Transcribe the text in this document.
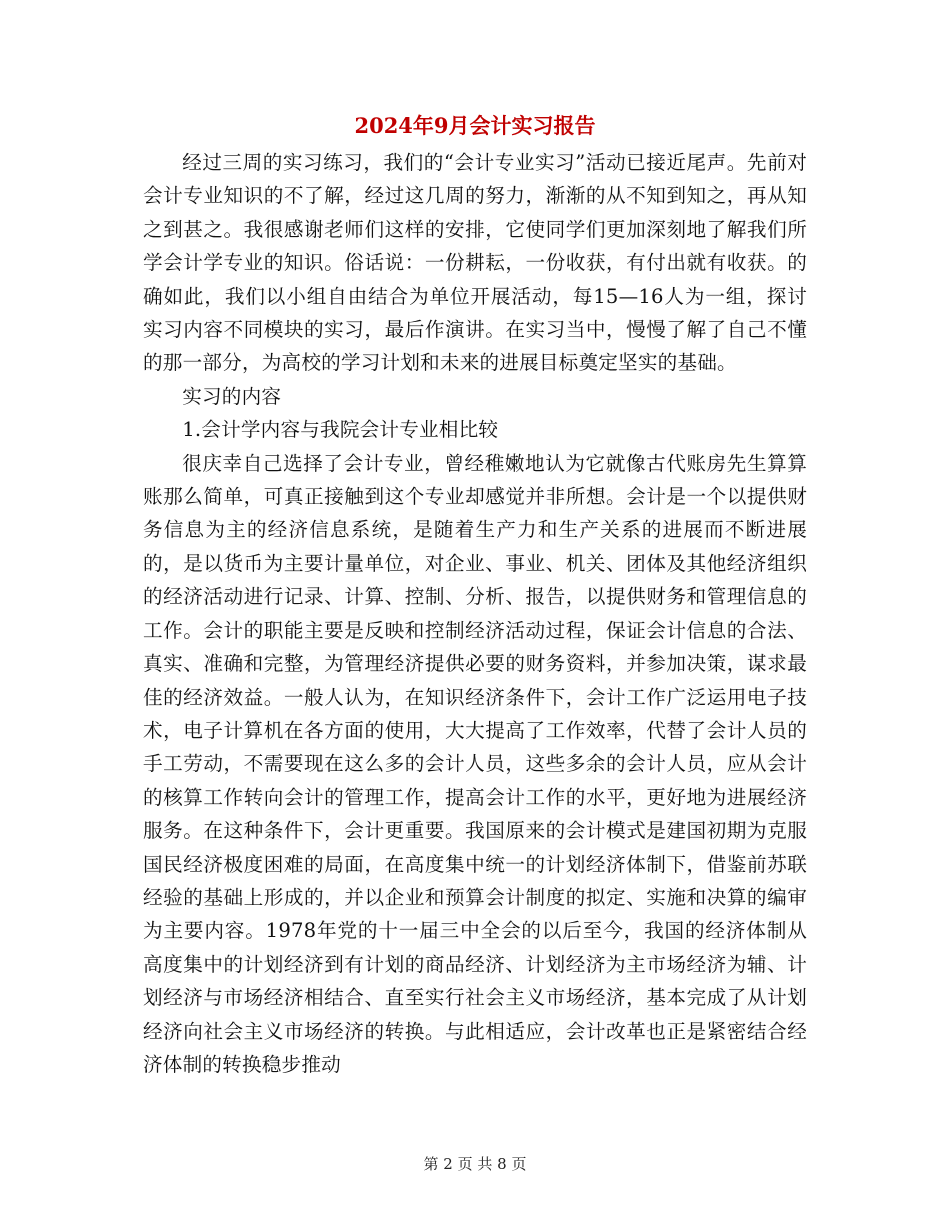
2024年9月会计实习报告

经过三周的实习练习，我们的“会计专业实习”活动已接近尾声。先前对会计专业知识的不了解，经过这几周的努力，渐渐的从不知到知之，再从知之到甚之。我很感谢老师们这样的安排，它使同学们更加深刻地了解我们所学会计学专业的知识。俗话说：一份耕耘，一份收获，有付出就有收获。的确如此，我们以小组自由结合为单位开展活动，每15—16人为一组，探讨实习内容不同模块的实习，最后作演讲。在实习当中，慢慢了解了自己不懂的那一部分，为高校的学习计划和未来的进展目标奠定坚实的基础。

实习的内容

1.会计学内容与我院会计专业相比较

很庆幸自己选择了会计专业，曾经稚嫩地认为它就像古代账房先生算算账那么简单，可真正接触到这个专业却感觉并非所想。会计是一个以提供财务信息为主的经济信息系统，是随着生产力和生产关系的进展而不断进展的，是以货币为主要计量单位，对企业、事业、机关、团体及其他经济组织的经济活动进行记录、计算、控制、分析、报告，以提供财务和管理信息的工作。会计的职能主要是反映和控制经济活动过程，保证会计信息的合法、真实、准确和完整，为管理经济提供必要的财务资料，并参加决策，谋求最佳的经济效益。一般人认为，在知识经济条件下，会计工作广泛运用电子技术，电子计算机在各方面的使用，大大提高了工作效率，代替了会计人员的手工劳动，不需要现在这么多的会计人员，这些多余的会计人员，应从会计的核算工作转向会计的管理工作，提高会计工作的水平，更好地为进展经济服务。在这种条件下，会计更重要。我国原来的会计模式是建国初期为克服国民经济极度困难的局面，在高度集中统一的计划经济体制下，借鉴前苏联经验的基础上形成的，并以企业和预算会计制度的拟定、实施和决算的编审为主要内容。1978年党的十一届三中全会的以后至今，我国的经济体制从高度集中的计划经济到有计划的商品经济、计划经济为主市场经济为辅、计划经济与市场经济相结合、直至实行社会主义市场经济，基本完成了从计划经济向社会主义市场经济的转换。与此相适应，会计改革也正是紧密结合经济体制的转换稳步推动

第 2 页 共 8 页
